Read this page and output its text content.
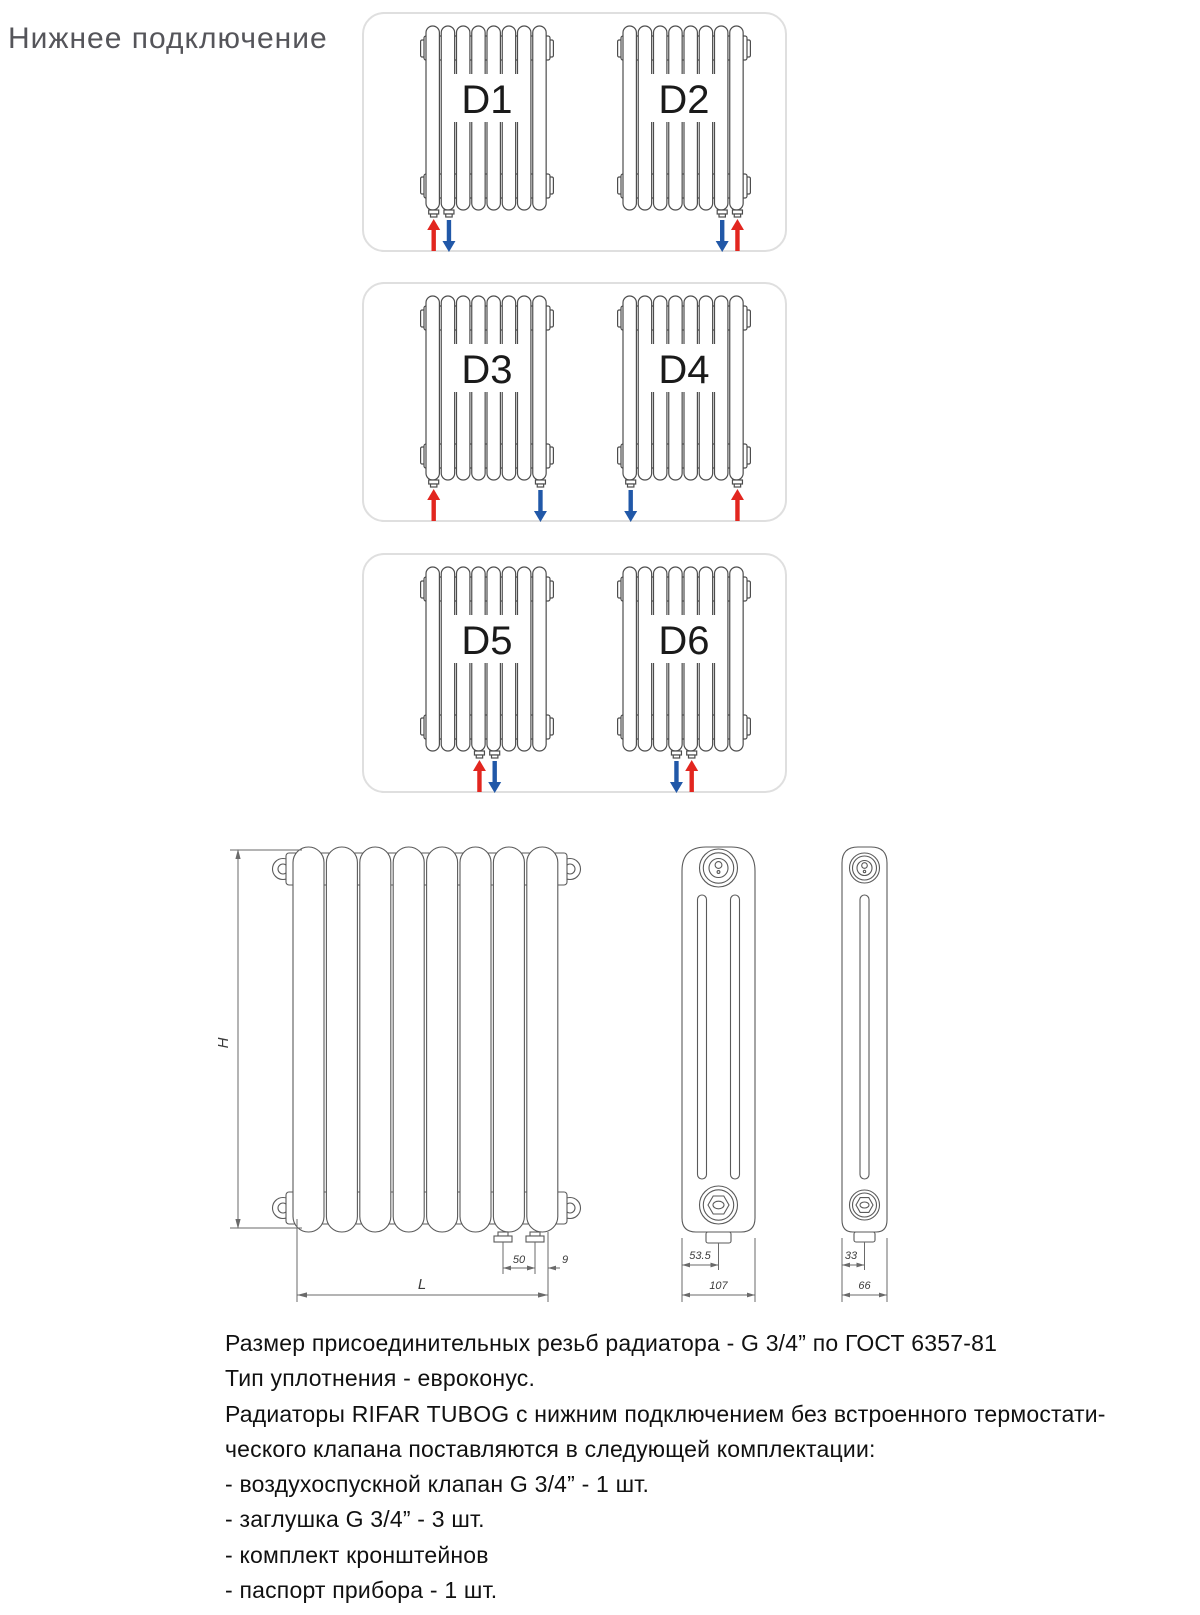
Нижнее подключение
D1	D2
D3	D4
D5	D6
H
L
50	9	53.5
107
33
66

Размер присоединительных резьб радиатора - G 3/4” по ГОСТ 6357-81

Тип уплотнения - евроконус.

Радиаторы RIFAR TUBOG с нижним подключением без встроенного термостати-

ческого клапана поставляются в следующей комплектации:

- воздухоспускной клапан G 3/4” - 1 шт.

- заглушка G 3/4” - 3 шт.

- комплект кронштейнов

- паспорт прибора - 1 шт.
